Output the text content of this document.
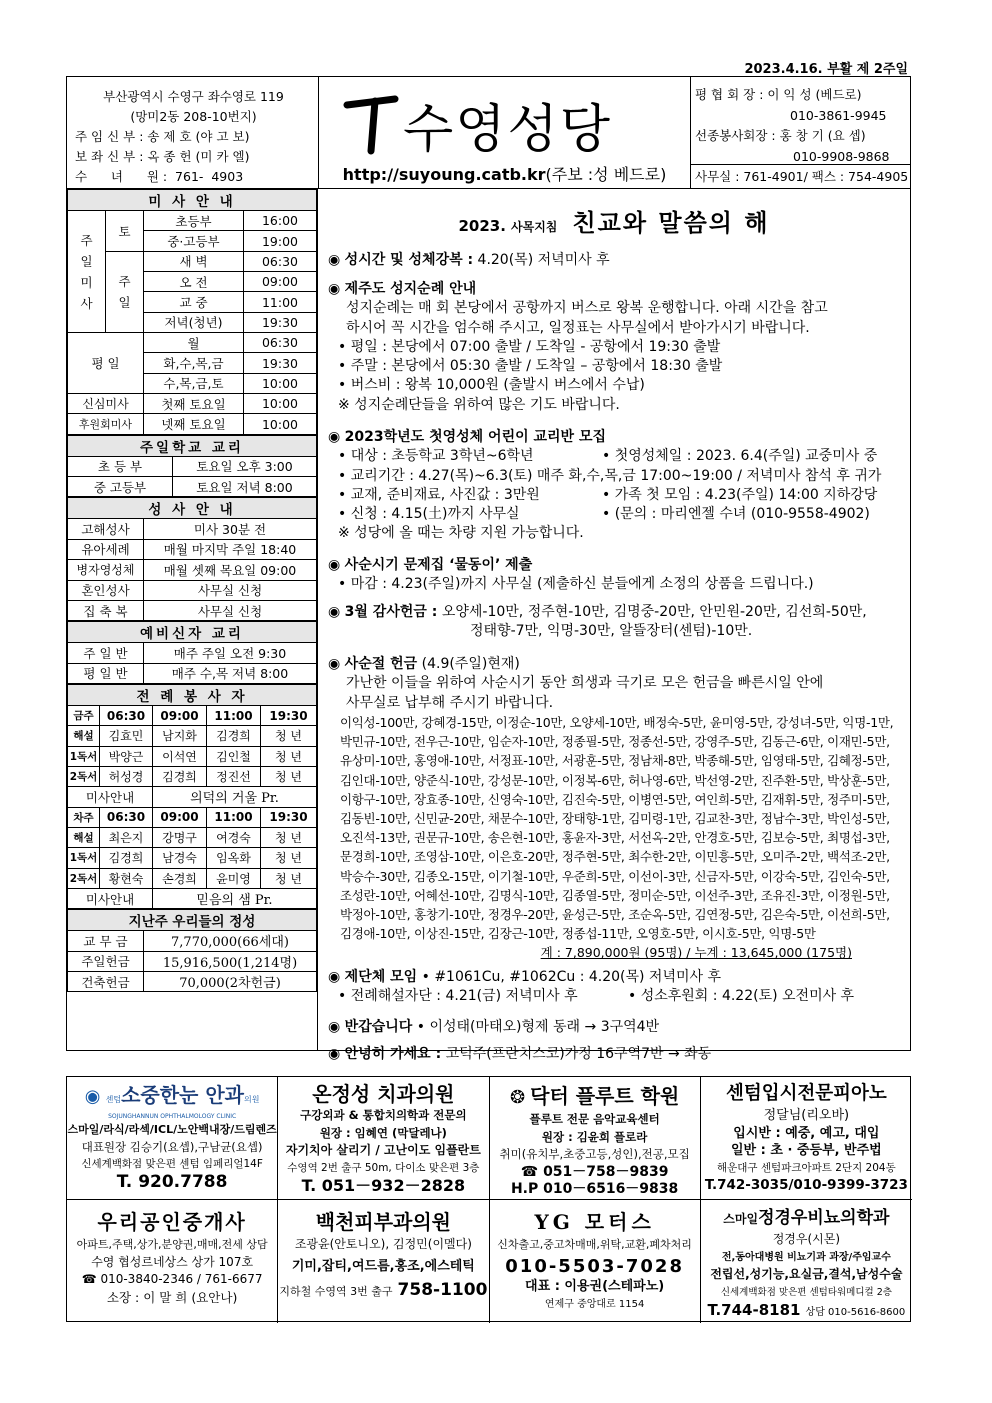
2023.4.16. 부활 제 2주일
부산광역시 수영구 좌수영로 119
(망미2동 208-10번지)
주 임 신 부 : 송 제 호 (야 고 보)
보 좌 신 부 : 옥 종 헌 (미 카 엘)
수      녀      원 :  761-  4903
수영성당
http://suyoung.catb.kr(주보 :성 베드로)
평 협 회 장 : 이 익 성 (베드로)
010-3861-9945
선종봉사회장 : 홍 창 기 (요 셉)
010-9908-9868
사무실 : 761-4901/ 팩스 : 754-4905
미 사 안 내			
주일미사	토	초등부	16:00
		중·고등부	19:00
	주일	새 벽	06:30
		오 전	09:00
		교 중	11:00
		저녁(청년)	19:30
평 일		월	06:30
		화,수,목,금	19:30
		수,목,금,토	10:00
신심미사		첫째 토요일	10:00
후원회미사		넷째 토요일	10:00
주일학교 교리	
초 등 부	토요일 오후 3:00
중 고등부	토요일 저녁 8:00
성 사 안 내	
고해성사	미사 30분 전
유아세례	매월 마지막 주일 18:40
병자영성체	매월 셋째 목요일 09:00
혼인성사	사무실 신청
집 축 복	사무실 신청
예비신자 교리	
주 일 반	매주 주일 오전 9:30
평 일 반	매주 수,목 저녁 8:00
전 례 봉 사 자				
금주	06:30	09:00	11:00	19:30
해설	김효민	남지화	김경희	청 년
1독서	박양근	이석연	김인철	청 년
2독서	허성경	김경희	정진선	청 년
미사안내		의덕의 거울 Pr.		
차주	06:30	09:00	11:00	19:30
해설	최은지	강명구	여경숙	청 년
1독서	김경희	남경숙	임옥화	청 년
2독서	황현숙	손경희	윤미영	청 년
미사안내		믿음의 샘 Pr.		
지난주 우리들의 정성	
교 무 금	7,770,000(66세대)
주일헌금	15,916,500(1,214명)
건축헌금	70,000(2차헌금)
2023. 사목지침 친교와 말씀의 해
◉ 성시간 및 성체강복 : 4.20(목) 저녁미사 후
◉ 제주도 성지순례 안내
성지순례는 매 회 본당에서 공항까지 버스로 왕복 운행합니다. 아래 시간을 참고
하시어 꼭 시간을 엄수해 주시고, 일정표는 사무실에서 받아가시기 바랍니다.
• 평일 : 본당에서 07:00 출발 / 도착일 - 공항에서 19:30 출발
• 주말 : 본당에서 05:30 출발 / 도착일 – 공항에서 18:30 출발
• 버스비 : 왕복 10,000원 (출발시 버스에서 수납)
※ 성지순례단들을 위하여 많은 기도 바랍니다.
◉ 2023학년도 첫영성체 어린이 교리반 모집
• 대상 : 초등학교 3학년~6학년	• 첫영성체일 : 2023. 6.4(주일) 교중미사 중
• 교리기간 : 4.27(목)~6.3(토) 매주 화,수,목,금 17:00~19:00 / 저녁미사 참석 후 귀가
• 교재, 준비재료, 사진값 : 3만원	• 가족 첫 모임 : 4.23(주일) 14:00 지하강당
• 신청 : 4.15(土)까지 사무실	• (문의 : 마리엔젤 수녀 (010-9558-4902)
※ 성당에 올 때는 차량 지원 가능합니다.
◉ 사순시기 문제집 ‘물동이’ 제출
• 마감 : 4.23(주일)까지 사무실 (제출하신 분들에게 소정의 상품을 드립니다.)
◉ 3월 감사헌금 : 오양세-10만, 정주현-10만, 김명중-20만, 안민원-20만, 김선희-50만,
정태향-7만, 익명-30만, 알뜰장터(센텀)-10만.
◉ 사순절 헌금 (4.9(주일)현재)
가난한 이들을 위하여 사순시기 동안 희생과 극기로 모은 헌금을 빠른시일 안에
사무실로 납부해 주시기 바랍니다.
이익성-100만, 강혜경-15만, 이정순-10만, 오양세-10만, 배정숙-5만, 윤미영-5만, 강성녀-5만, 익명-1만,
박민규-10만, 전우근-10만, 임순자-10만, 정종필-5만, 정종선-5만, 강영주-5만, 김동근-6만, 이재민-5만,
유상미-10만, 홍영애-10만, 서정표-10만, 서광훈-5만, 정남채-8만, 박종해-5만, 임영태-5만, 김혜정-5만,
김인대-10만, 양준식-10만, 강성문-10만, 이정복-6만, 허나영-6만, 박선영-2만, 진주환-5만, 박상훈-5만,
이항구-10만, 장효종-10만, 신영숙-10만, 김진숙-5만, 이병연-5만, 여인희-5만, 김재휘-5만, 정주미-5만,
김동빈-10만, 신민균-20만, 채문수-10만, 장태향-1만, 김미령-1만, 김교찬-3만, 정남수-3만, 박인성-5만,
오진석-13만, 권문규-10만, 송은현-10만, 홍윤자-3만, 서선옥-2만, 안경호-5만, 김보승-5만, 최명섭-3만,
문경희-10만, 조영삼-10만, 이은호-20만, 정주현-5만, 최수한-2만, 이민흥-5만, 오미주-2만, 백석조-2만,
박승수-30만, 김종오-15만, 이기철-10만, 우준희-5만, 이선이-3만, 신금자-5만, 이강숙-5만, 김인숙-5만,
조성란-10만, 어혜선-10만, 김명식-10만, 김종열-5만, 정미순-5만, 이선주-3만, 조유진-3만, 이정원-5만,
박정아-10만, 홍창기-10만, 정경우-20만, 윤성근-5만, 조순옥-5만, 김연정-5만, 김은숙-5만, 이선희-5만,
김경애-10만, 이상진-15만, 김장근-10만, 정종섭-11만, 오영호-5만, 이시호-5만, 익명-5만
계 : 7,890,000원 (95명) / 누계 : 13,645,000 (175명)
◉ 제단체 모임 • #1061Cu, #1062Cu : 4.20(목) 저녁미사 후
• 전례해설자단 : 4.21(금) 저녁미사 후	• 성소후원회 : 4.22(토) 오전미사 후
◉ 반갑습니다 • 이성태(마태오)형제 동래 → 3구역4반
◉ 안녕히 가세요 : 고덕주(프란치스코)가정 16구역7반 → 좌동
◉ 센텀소중한눈 안과의원
SOJUNGHANNUN OPHTHALMOLOGY CLINIC
스마일/라식/라섹/ICL/노안백내장/드림렌즈
대표원장 김승기(요셉),구남균(요셉)
신세계백화점 맞은편 센텀 임페리얼14F
T. 920.7788
온정성 치과의원
구강외과 & 통합치의학과 전문의
원장 : 임혜연 (막달레나)
자기치아 살리기 / 고난이도 임플란트
수영역 2번 출구 50m, 다이소 맞은편 3층
T. 051－932－2828
❂ 닥터 플루트 학원
플루트 전문 음악교육센터
원장 : 김윤희 플로라
취미(유치부,초중고등,성인),전공,모집
☎ 051－758－9839
H.P 010－6516－9838
센텀입시전문피아노
정달님(리오바)
입시반 : 예중, 예고, 대입
일반 : 초 · 중등부, 반주법
해운대구 센텀파크아파트 2단지 204동
T.742-3035/010-9399-3723
우리공인중개사
아파트,주택,상가,분양권,매매,전세 상담
수영 협성르네상스 상가 107호
☎ 010-3840-2346 / 761-6677
소장 : 이 말 희 (요안나)
백천피부과의원
조광윤(안토니오), 김정민(이멜다)
기미,잡티,여드름,홍조,에스테틱
지하철 수영역 3번 출구 758-1100
YG 모터스
신차출고,중고차매매,위탁,교환,폐차처리
010-5503-7028
대표 : 이용권(스테파노)
연제구 중앙대로 1154
스마일정경우비뇨의학과
정경우(시몬)
전,동아대병원 비뇨기과 과장/주임교수
전립선,성기능,요실금,결석,남성수술
신세계백화점 맞은편 센텀타워메디컬 2층
T.744-8181 상담 010-5616-8600
